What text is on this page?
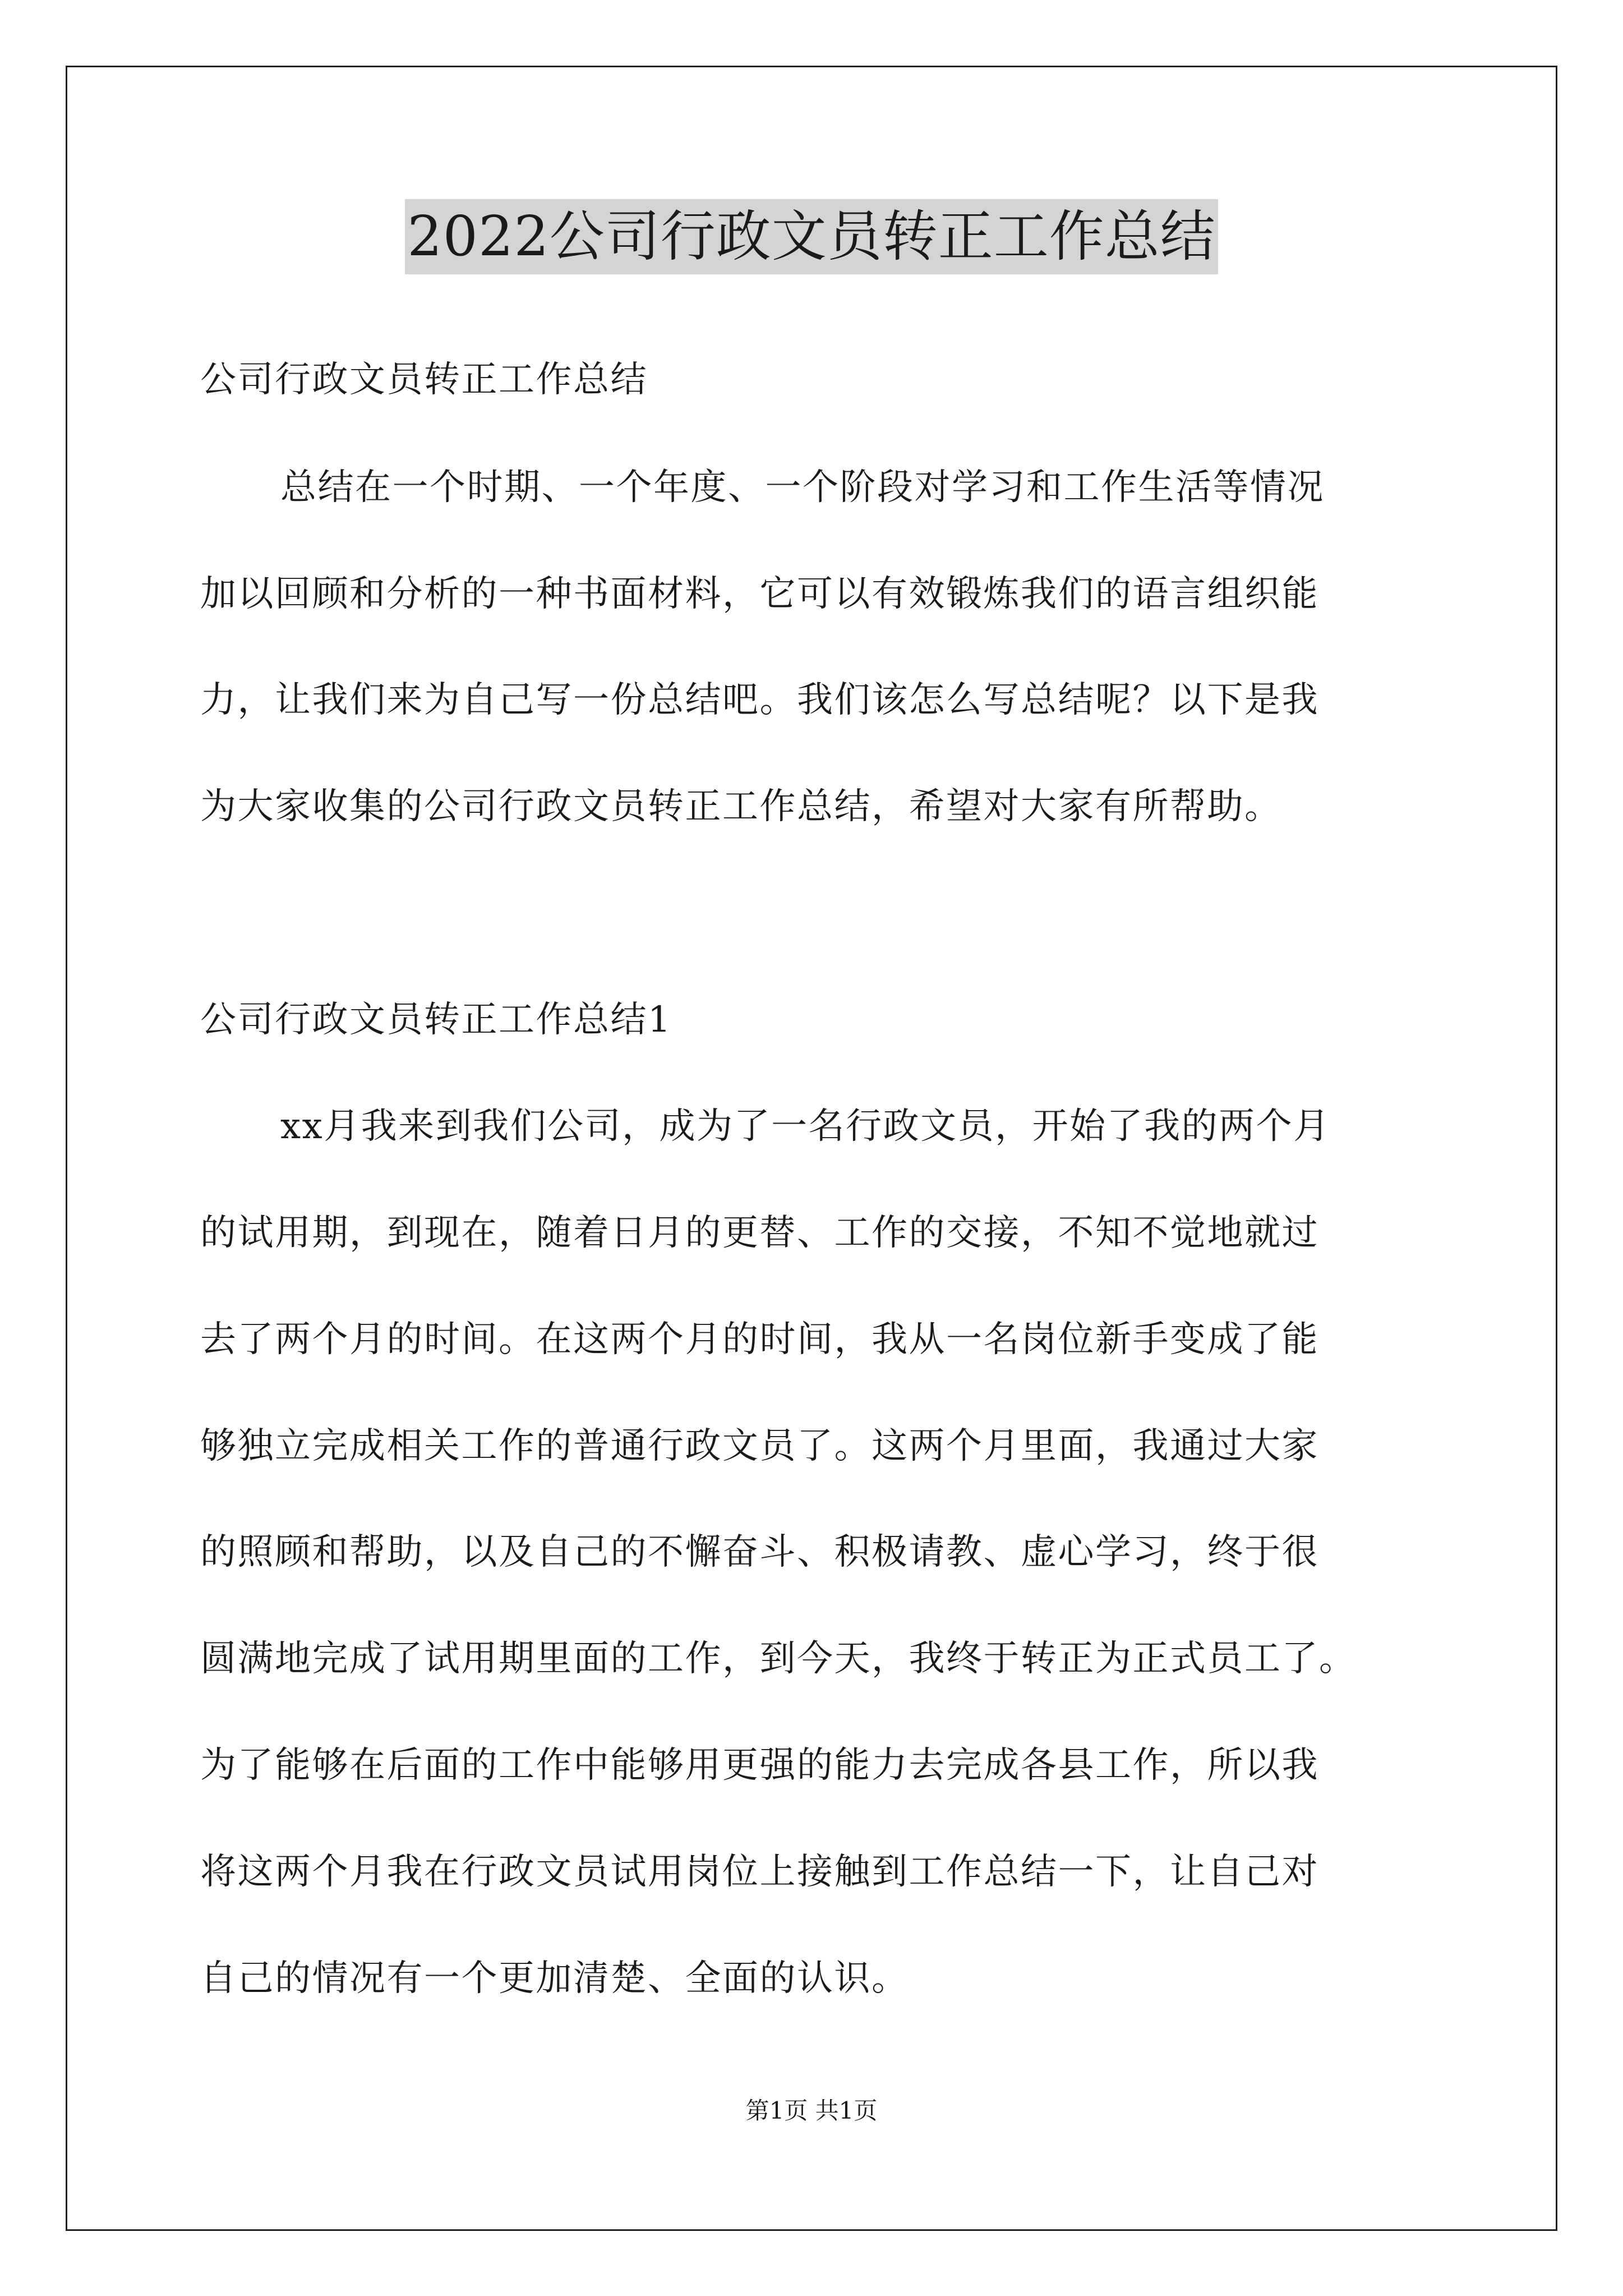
2022公司行政文员转正工作总结
公司行政文员转正工作总结
总结在一个时期、一个年度、一个阶段对学习和工作生活等情况
加以回顾和分析的一种书面材料，它可以有效锻炼我们的语言组织能
力，让我们来为自己写一份总结吧。我们该怎么写总结呢？以下是我
为大家收集的公司行政文员转正工作总结，希望对大家有所帮助。
公司行政文员转正工作总结1
xx月我来到我们公司，成为了一名行政文员，开始了我的两个月
的试用期，到现在，随着日月的更替、工作的交接，不知不觉地就过
去了两个月的时间。在这两个月的时间，我从一名岗位新手变成了能
够独立完成相关工作的普通行政文员了。这两个月里面，我通过大家
的照顾和帮助，以及自己的不懈奋斗、积极请教、虚心学习，终于很
圆满地完成了试用期里面的工作，到今天，我终于转正为正式员工了。
为了能够在后面的工作中能够用更强的能力去完成各县工作，所以我
将这两个月我在行政文员试用岗位上接触到工作总结一下，让自己对
自己的情况有一个更加清楚、全面的认识。
第1页 共1页
